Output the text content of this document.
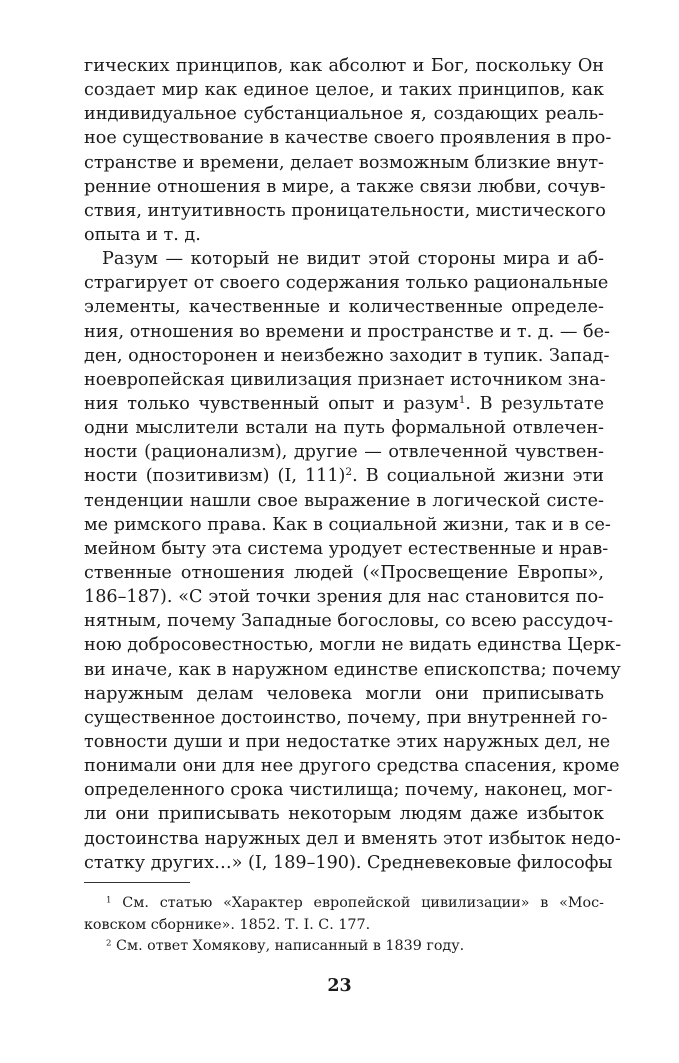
гических принципов, как абсолют и Бог, поскольку Он
создает мир как единое целое, и таких принципов, как
индивидуальное субстанциальное я, создающих реаль-
ное существование в качестве своего проявления в про-
странстве и времени, делает возможным близкие внут-
ренние отношения в мире, а также связи любви, сочув-
ствия, интуитивность проницательности, мистического
опыта и т. д.
Разум — который не видит этой стороны мира и аб-
страгирует от своего содержания только рациональные
элементы, качественные и количественные определе-
ния, отношения во времени и пространстве и т. д. — бе-
ден, односторонен и неизбежно заходит в тупик. Запад-
ноевропейская цивилизация признает источником зна-
ния только чувственный опыт и разум$^1$. В результате
одни мыслители встали на путь формальной отвлечен-
ности (рационализм), другие — отвлеченной чувствен-
ности (позитивизм) (I, 111)$^2$. В социальной жизни эти
тенденции нашли свое выражение в логической систе-
ме римского права. Как в социальной жизни, так и в се-
мейном быту эта система уродует естественные и нрав-
ственные отношения людей («Просвещение Европы»,
186–187). «С этой точки зрения для нас становится по-
нятным, почему Западные богословы, со всею рассудоч-
ною добросовестностью, могли не видать единства Церк-
ви иначе, как в наружном единстве епископства; почему
наружным делам человека могли они приписывать
существенное достоинство, почему, при внутренней го-
товности души и при недостатке этих наружных дел, не
понимали они для нее другого средства спасения, кроме
определенного срока чистилища; почему, наконец, мог-
ли они приписывать некоторым людям даже избыток
достоинства наружных дел и вменять этот избыток недо-
статку других…» (I, 189–190). Средневековые философы
$^1$ См. статью «Характер европейской цивилизации» в «Мос-
ковском сборнике». 1852. Т. I. С. 177.
$^2$ См. ответ Хомякову, написанный в 1839 году.
23
